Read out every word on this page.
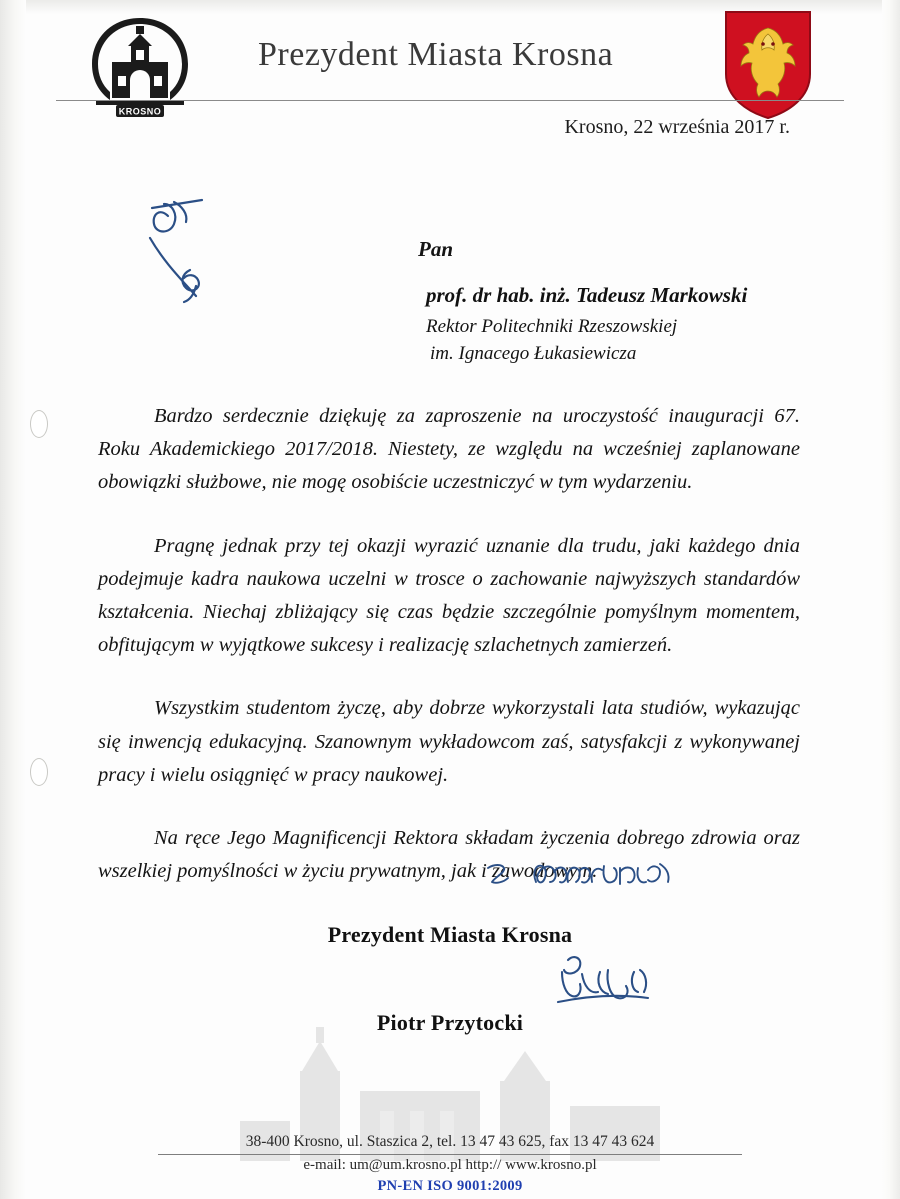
KROSNO
Prezydent Miasta Krosna
Krosno, 22 września 2017 r.
Pan
prof. dr hab. inż. Tadeusz Markowski
Rektor Politechniki Rzeszowskiej
im. Ignacego Łukasiewicza

Bardzo serdecznie dziękuję za zaproszenie na uroczystość inauguracji 67. Roku Akademickiego 2017/2018. Niestety, ze względu na wcześniej zaplanowane obowiązki służbowe, nie mogę osobiście uczestniczyć w tym wydarzeniu.

Pragnę jednak przy tej okazji wyrazić uznanie dla trudu, jaki każdego dnia podejmuje kadra naukowa uczelni w trosce o zachowanie najwyższych standardów kształcenia. Niechaj zbliżający się czas będzie szczególnie pomyślnym momentem, obfitującym w wyjątkowe sukcesy i realizację szlachetnych zamierzeń.

Wszystkim studentom życzę, aby dobrze wykorzystali lata studiów, wykazując się inwencją edukacyjną. Szanownym wykładowcom zaś, satysfakcji z wykonywanej pracy i wielu osiągnięć w pracy naukowej.

Na ręce Jego Magnificencji Rektora składam życzenia dobrego zdrowia oraz wszelkiej pomyślności w życiu prywatnym, jak i zawodowym.

Prezydent Miasta Krosna
Piotr Przytocki
38-400 Krosno, ul. Staszica 2, tel. 13 47 43 625, fax 13 47 43 624
e-mail: um@um.krosno.pl http:// www.krosno.pl
PN-EN ISO 9001:2009
